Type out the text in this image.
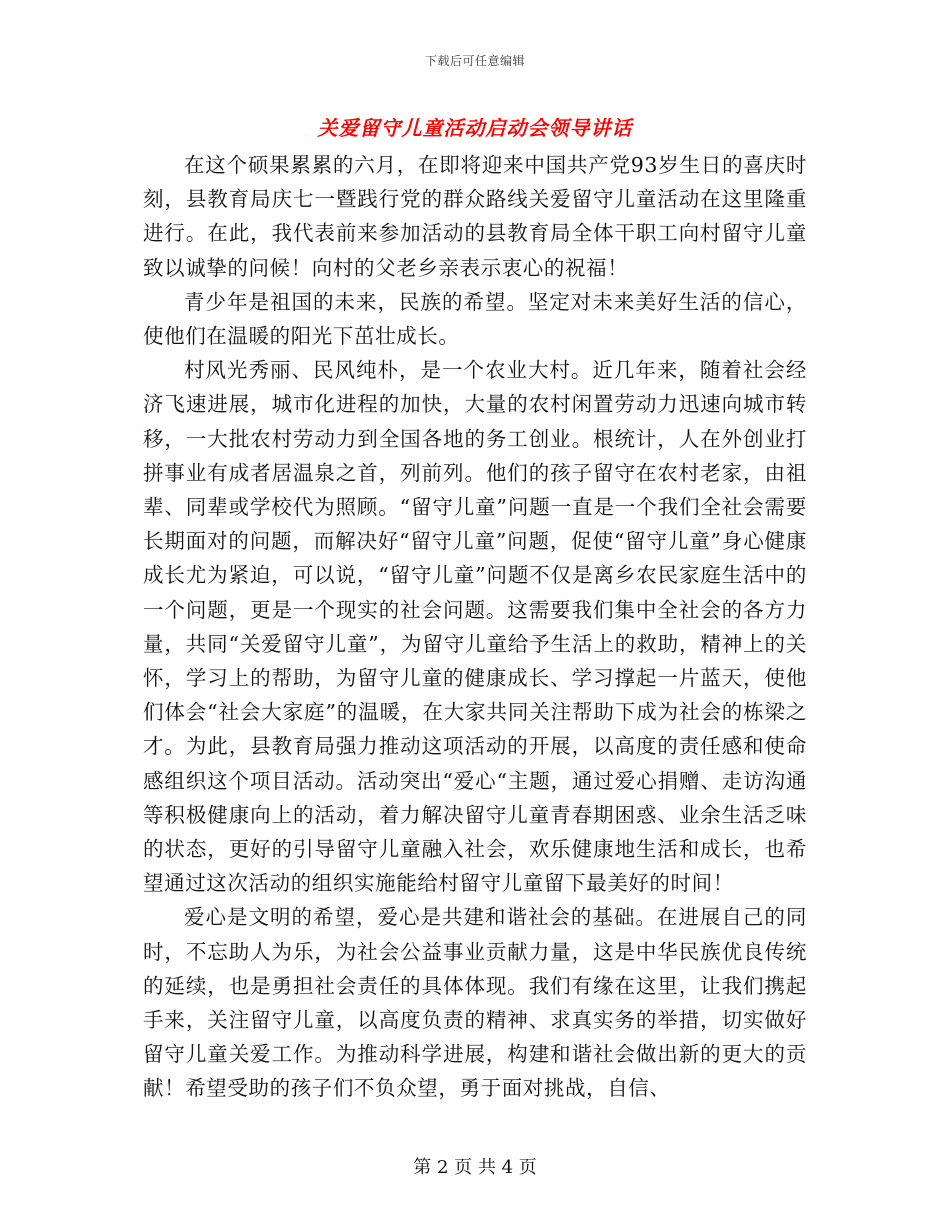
下载后可任意编辑
关爱留守儿童活动启动会领导讲话

在这个硕果累累的六月，在即将迎来中国共产党93岁生日的喜庆时刻，县教育局庆七一暨践行党的群众路线关爱留守儿童活动在这里隆重进行。在此，我代表前来参加活动的县教育局全体干职工向村留守儿童致以诚挚的问候！向村的父老乡亲表示衷心的祝福！

青少年是祖国的未来，民族的希望。坚定对未来美好生活的信心，使他们在温暖的阳光下茁壮成长。

村风光秀丽、民风纯朴，是一个农业大村。近几年来，随着社会经济飞速进展，城市化进程的加快，大量的农村闲置劳动力迅速向城市转移，一大批农村劳动力到全国各地的务工创业。根统计，人在外创业打拼事业有成者居温泉之首，列前列。他们的孩子留守在农村老家，由祖辈、同辈或学校代为照顾。“留守儿童”问题一直是一个我们全社会需要长期面对的问题，而解决好“留守儿童”问题，促使“留守儿童”身心健康成长尤为紧迫，可以说，“留守儿童”问题不仅是离乡农民家庭生活中的一个问题，更是一个现实的社会问题。这需要我们集中全社会的各方力量，共同“关爱留守儿童”，为留守儿童给予生活上的救助，精神上的关怀，学习上的帮助，为留守儿童的健康成长、学习撑起一片蓝天，使他们体会“社会大家庭”的温暖，在大家共同关注帮助下成为社会的栋梁之才。为此，县教育局强力推动这项活动的开展，以高度的责任感和使命感组织这个项目活动。活动突出“爱心“主题，通过爱心捐赠、走访沟通等积极健康向上的活动，着力解决留守儿童青春期困惑、业余生活乏味的状态，更好的引导留守儿童融入社会，欢乐健康地生活和成长，也希望通过这次活动的组织实施能给村留守儿童留下最美好的时间！

爱心是文明的希望，爱心是共建和谐社会的基础。在进展自己的同时，不忘助人为乐，为社会公益事业贡献力量，这是中华民族优良传统的延续，也是勇担社会责任的具体体现。我们有缘在这里，让我们携起手来，关注留守儿童，以高度负责的精神、求真实务的举措，切实做好留守儿童关爱工作。为推动科学进展，构建和谐社会做出新的更大的贡献！希望受助的孩子们不负众望，勇于面对挑战，自信、

第 2 页 共 4 页
